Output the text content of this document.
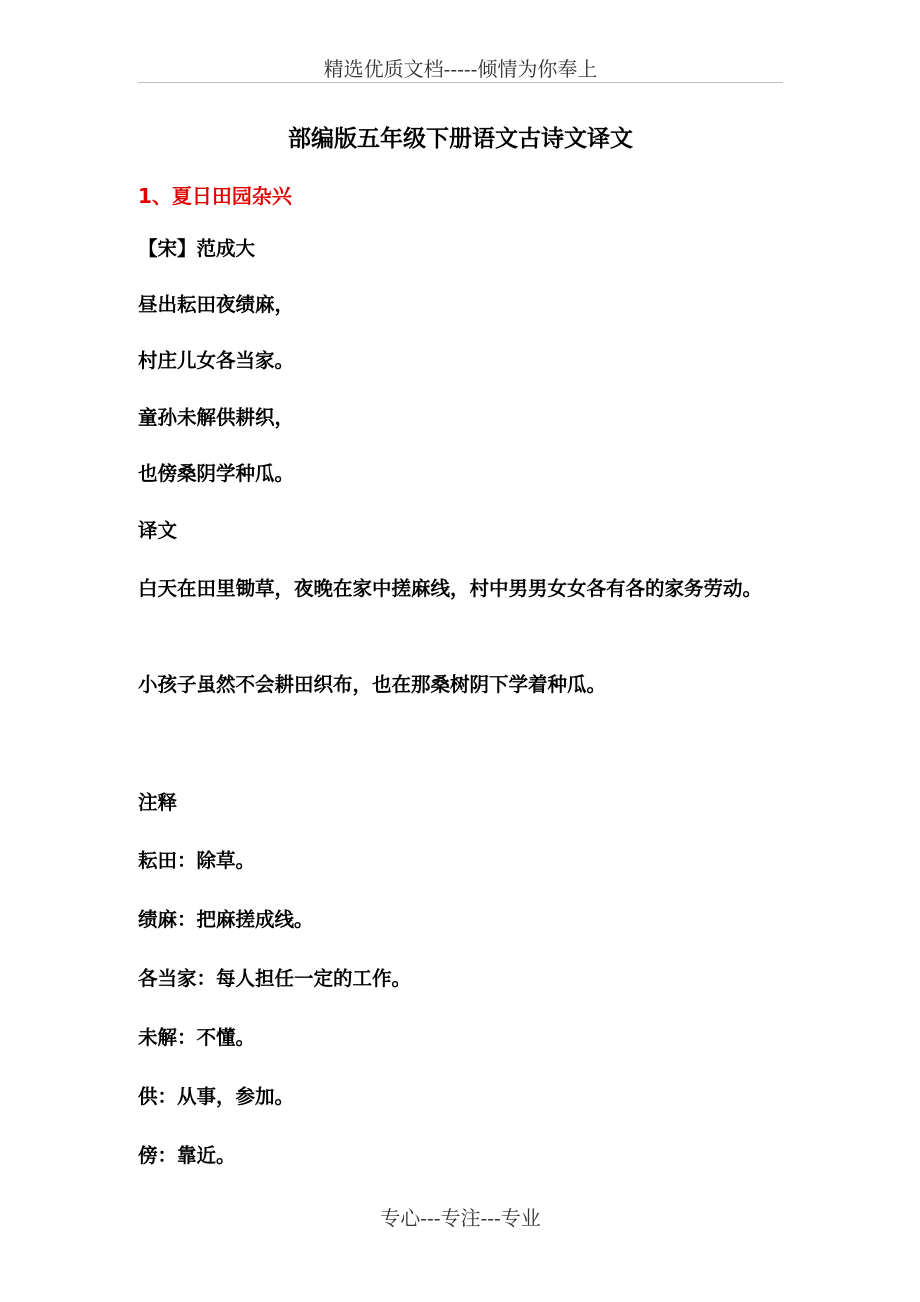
精选优质文档-----倾情为你奉上
部编版五年级下册语文古诗文译文
1、夏日田园杂兴
【宋】范成大
昼出耘田夜绩麻，
村庄儿女各当家。
童孙未解供耕织，
也傍桑阴学种瓜。
译文
白天在田里锄草，夜晚在家中搓麻线，村中男男女女各有各的家务劳动。
小孩子虽然不会耕田织布，也在那桑树阴下学着种瓜。
注释
耘田：除草。
绩麻：把麻搓成线。
各当家：每人担任一定的工作。
未解：不懂。
供：从事，参加。
傍：靠近。
专心---专注---专业
